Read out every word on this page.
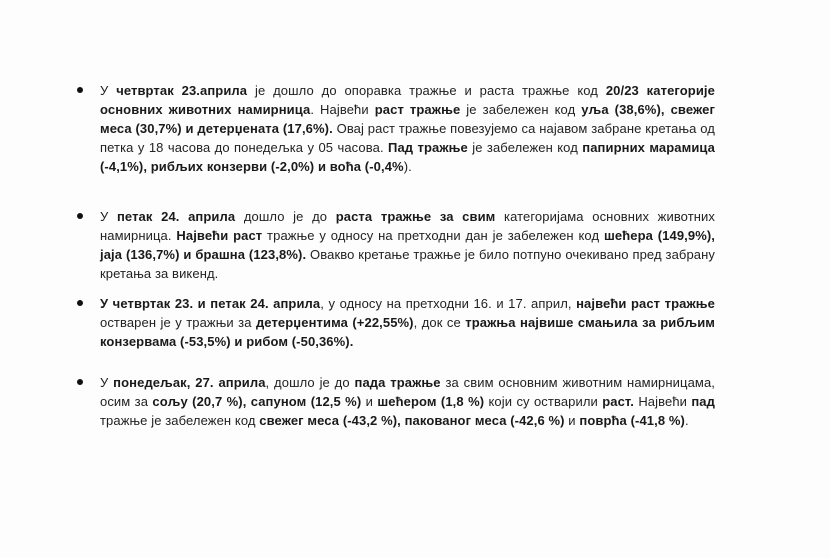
У четвртак 23.априла је дошло до опоравка тражње и раста тражње код 20/23 категорије основних животних намирница. Највећи раст тражње је забележен код уља (38,6%), свежег меса (30,7%) и детерџената (17,6%). Овај раст тражње повезујемо са најавом забране кретања од петка у 18 часова до понедељка у 05 часова. Пад тражње је забележен код папирних марамица (-4,1%), рибљих конзерви (-2,0%) и воћа (-0,4%).
У петак 24. априла дошло је до раста тражње за свим категоријама основних животних намирница. Највећи раст тражње у односу на претходни дан је забележен код шећера (149,9%), јаја (136,7%) и брашна (123,8%). Овакво кретање тражње је било потпуно очекивано пред забрану кретања за викенд.
У четвртак 23. и петак 24. априла, у односу на претходни 16. и 17. април, највећи раст тражње остварен је у тражњи за детерџентима (+22,55%), док се тражња највише смањила за рибљим конзервама (-53,5%) и рибом (-50,36%).
У понедељак, 27. априла, дошло је до пада тражње за свим основним животним намирницама, осим за сољу (20,7 %), сапуном (12,5 %) и шећером (1,8 %) који су остварили раст. Највећи пад тражње је забележен код свежег меса (-43,2 %), пакованог меса (-42,6 %) и поврћа (-41,8 %).
